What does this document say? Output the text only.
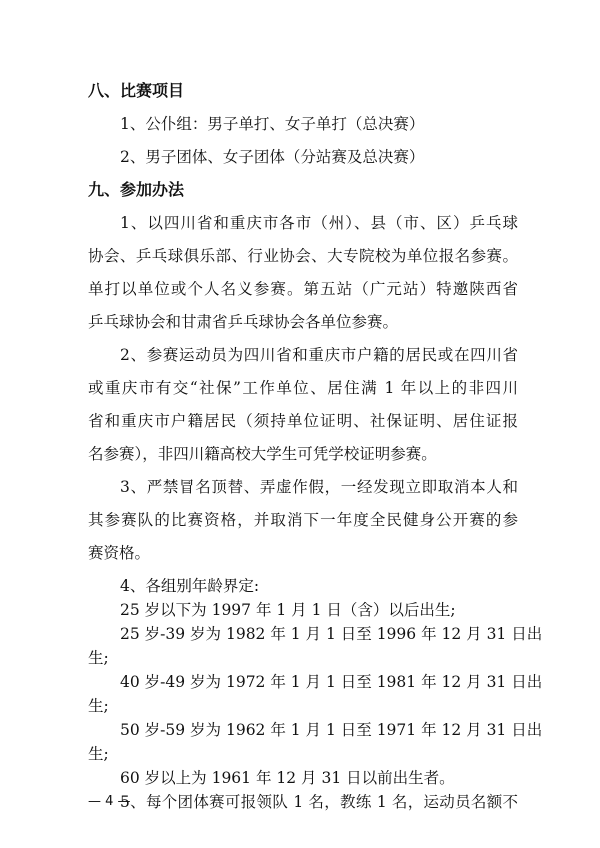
八、比赛项目
1、公仆组：男子单打、女子单打（总决赛）
2、男子团体、女子团体（分站赛及总决赛）
九、参加办法
1、以四川省和重庆市各市（州）、县（市、区）乒乓球
协会、乒乓球俱乐部、行业协会、大专院校为单位报名参赛。
单打以单位或个人名义参赛。第五站（广元站）特邀陕西省
乒乓球协会和甘肃省乒乓球协会各单位参赛。
2、参赛运动员为四川省和重庆市户籍的居民或在四川省
或重庆市有交“社保”工作单位、居住满 1 年以上的非四川
省和重庆市户籍居民（须持单位证明、社保证明、居住证报
名参赛），非四川籍高校大学生可凭学校证明参赛。
3、严禁冒名顶替、弄虚作假，一经发现立即取消本人和
其参赛队的比赛资格，并取消下一年度全民健身公开赛的参
赛资格。
4、各组别年龄界定:
25 岁以下为 1997 年 1 月 1 日（含）以后出生;
25 岁-39 岁为 1982 年 1 月 1 日至 1996 年 12 月 31 日出
生;
40 岁-49 岁为 1972 年 1 月 1 日至 1981 年 12 月 31 日出
生;
50 岁-59 岁为 1962 年 1 月 1 日至 1971 年 12 月 31 日出
生;
60 岁以上为 1961 年 12 月 31 日以前出生者。
5、每个团体赛可报领队 1 名，教练 1 名，运动员名额不
— 4 —
